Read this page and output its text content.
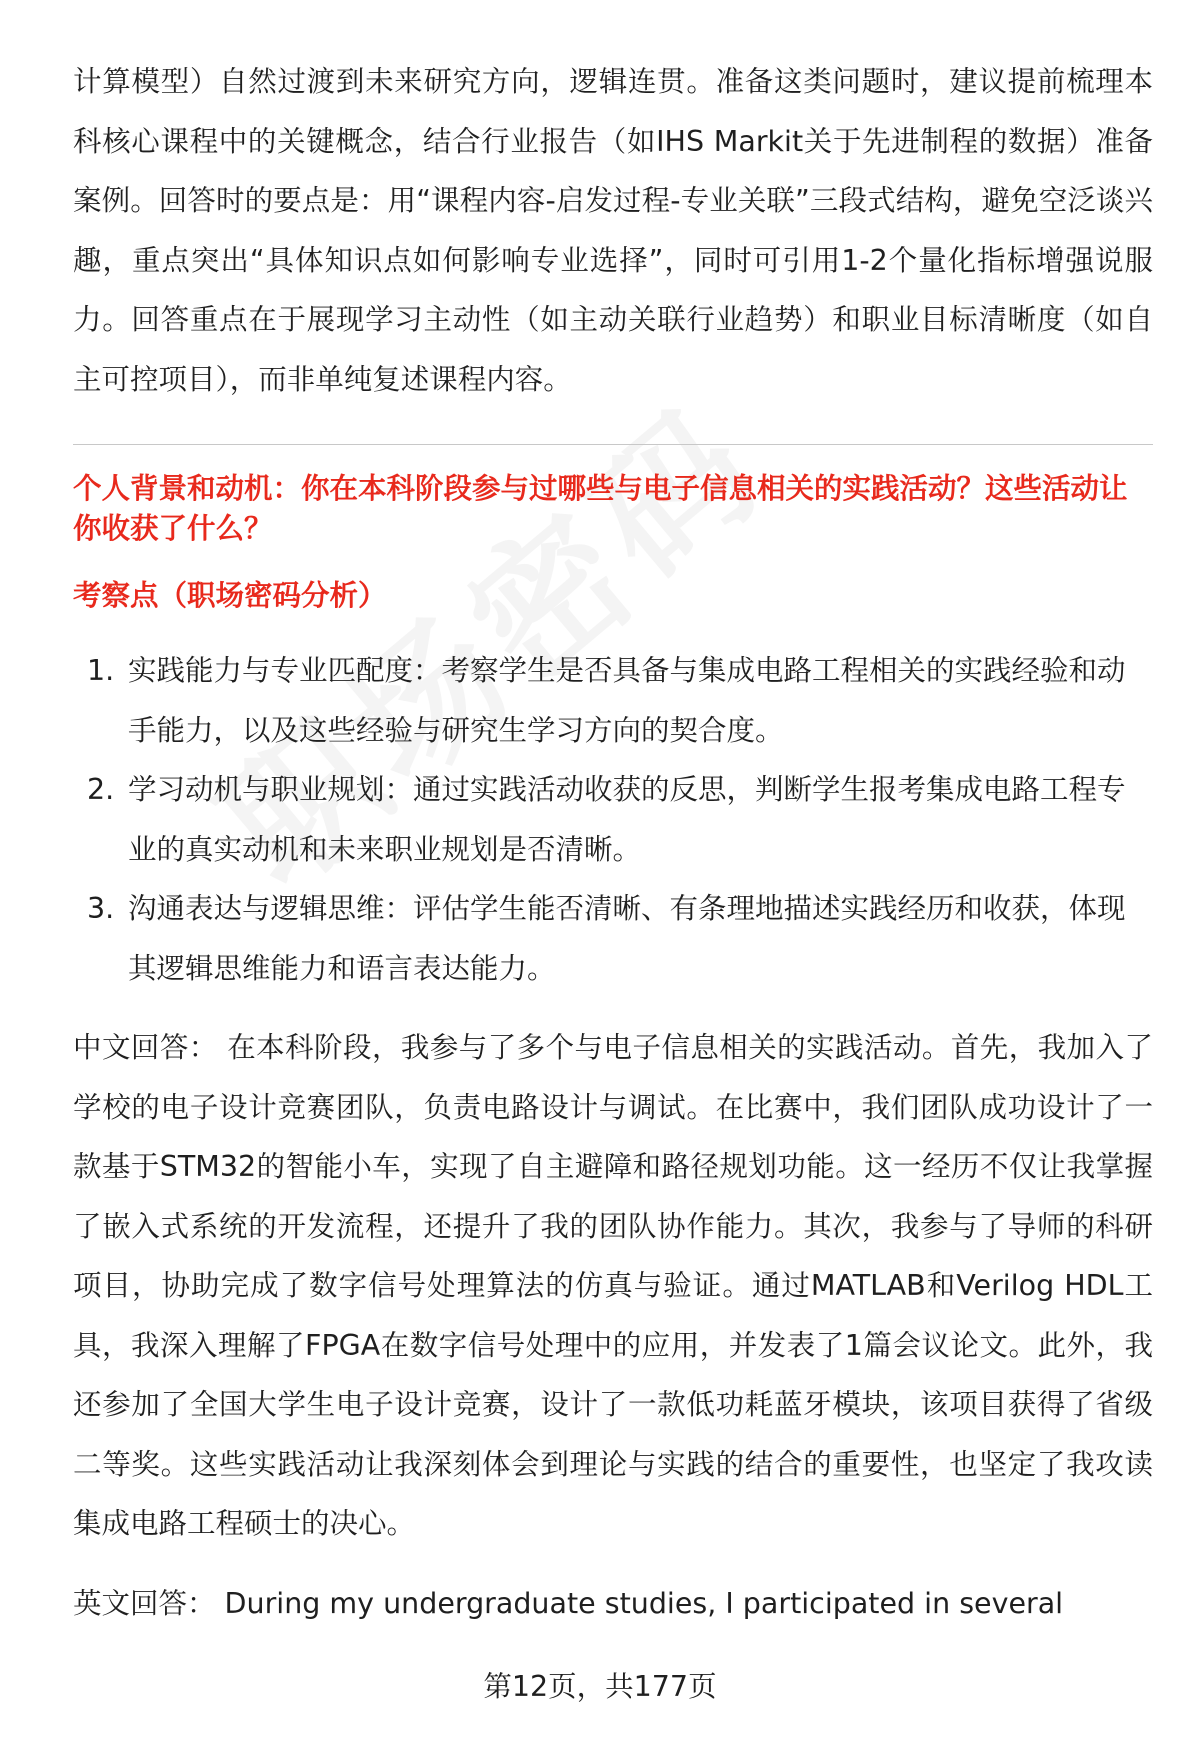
计算模型）自然过渡到未来研究方向，逻辑连贯。准备这类问题时，建议提前梳理本科核心课程中的关键概念，结合行业报告（如IHS Markit关于先进制程的数据）准备案例。回答时的要点是：用“课程内容-启发过程-专业关联”三段式结构，避免空泛谈兴趣，重点突出“具体知识点如何影响专业选择”，同时可引用1-2个量化指标增强说服力。回答重点在于展现学习主动性（如主动关联行业趋势）和职业目标清晰度（如自主可控项目），而非单纯复述课程内容。

个人背景和动机：你在本科阶段参与过哪些与电子信息相关的实践活动？这些活动让你收获了什么？

考察点（职场密码分析）

1. 实践能力与专业匹配度：考察学生是否具备与集成电路工程相关的实践经验和动手能力，以及这些经验与研究生学习方向的契合度。
2. 学习动机与职业规划：通过实践活动收获的反思，判断学生报考集成电路工程专业的真实动机和未来职业规划是否清晰。
3. 沟通表达与逻辑思维：评估学生能否清晰、有条理地描述实践经历和收获，体现其逻辑思维能力和语言表达能力。

中文回答： 在本科阶段，我参与了多个与电子信息相关的实践活动。首先，我加入了学校的电子设计竞赛团队，负责电路设计与调试。在比赛中，我们团队成功设计了一款基于STM32的智能小车，实现了自主避障和路径规划功能。这一经历不仅让我掌握了嵌入式系统的开发流程，还提升了我的团队协作能力。其次，我参与了导师的科研项目，协助完成了数字信号处理算法的仿真与验证。通过MATLAB和Verilog HDL工具，我深入理解了FPGA在数字信号处理中的应用，并发表了1篇会议论文。此外，我还参加了全国大学生电子设计竞赛，设计了一款低功耗蓝牙模块，该项目获得了省级二等奖。这些实践活动让我深刻体会到理论与实践的结合的重要性，也坚定了我攻读集成电路工程硕士的决心。

英文回答： During my undergraduate studies, I participated in several

第12页，共177页
